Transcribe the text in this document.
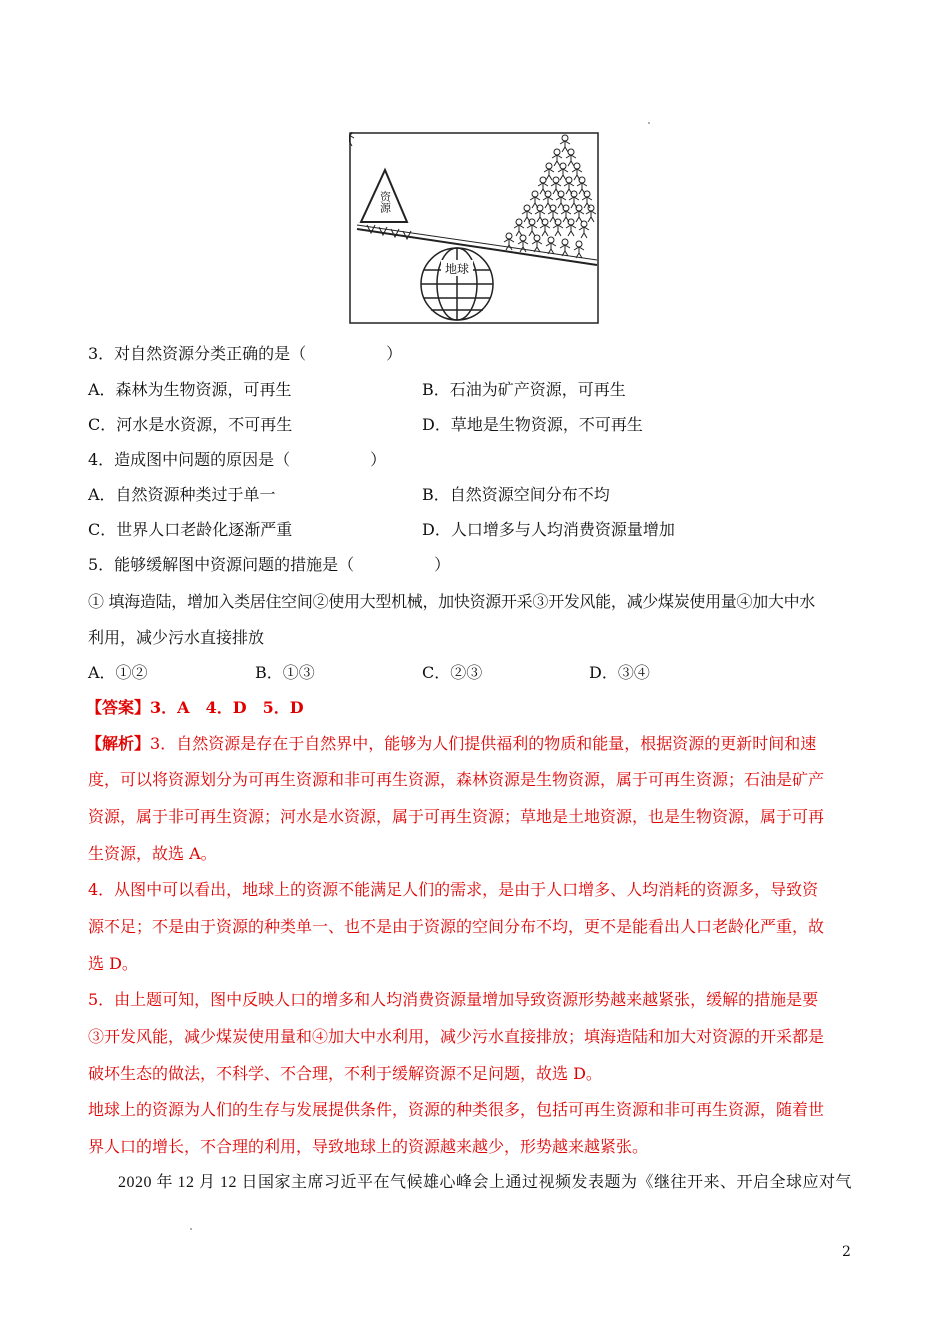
资源
地球
3．对自然资源分类正确的是（　　　　　）
A．森林为生物资源，可再生	B．石油为矿产资源，可再生
C．河水是水资源，不可再生	D．草地是生物资源，不可再生
4．造成图中问题的原因是（　　　　　）
A．自然资源种类过于单一	B．自然资源空间分布不均
C．世界人口老龄化逐渐严重	D．人口增多与人均消费资源量增加
5．能够缓解图中资源问题的措施是（　　　　　）
① 填海造陆，增加入类居住空间②使用大型机械，加快资源开采③开发风能，减少煤炭使用量④加大中水
利用，减少污水直接排放
A．①②	B．①③	C．②③	D．③④
【答案】3．A　4．D　5．D
【解析】3．自然资源是存在于自然界中，能够为人们提供福利的物质和能量，根据资源的更新时间和速
度，可以将资源划分为可再生资源和非可再生资源，森林资源是生物资源，属于可再生资源；石油是矿产
资源，属于非可再生资源；河水是水资源，属于可再生资源；草地是土地资源，也是生物资源，属于可再
生资源，故选 A。
4．从图中可以看出，地球上的资源不能满足人们的需求，是由于人口增多、人均消耗的资源多，导致资
源不足；不是由于资源的种类单一、也不是由于资源的空间分布不均，更不是能看出人口老龄化严重，故
选 D。
5．由上题可知，图中反映人口的增多和人均消费资源量增加导致资源形势越来越紧张，缓解的措施是要
③开发风能，减少煤炭使用量和④加大中水利用，减少污水直接排放；填海造陆和加大对资源的开采都是
破坏生态的做法，不科学、不合理，不利于缓解资源不足问题，故选 D。
地球上的资源为人们的生存与发展提供条件，资源的种类很多，包括可再生资源和非可再生资源，随着世
界人口的增长，不合理的利用，导致地球上的资源越来越少，形势越来越紧张。
2020 年 12 月 12 日国家主席习近平在气候雄心峰会上通过视频发表题为《继往开来、开启全球应对气
2
